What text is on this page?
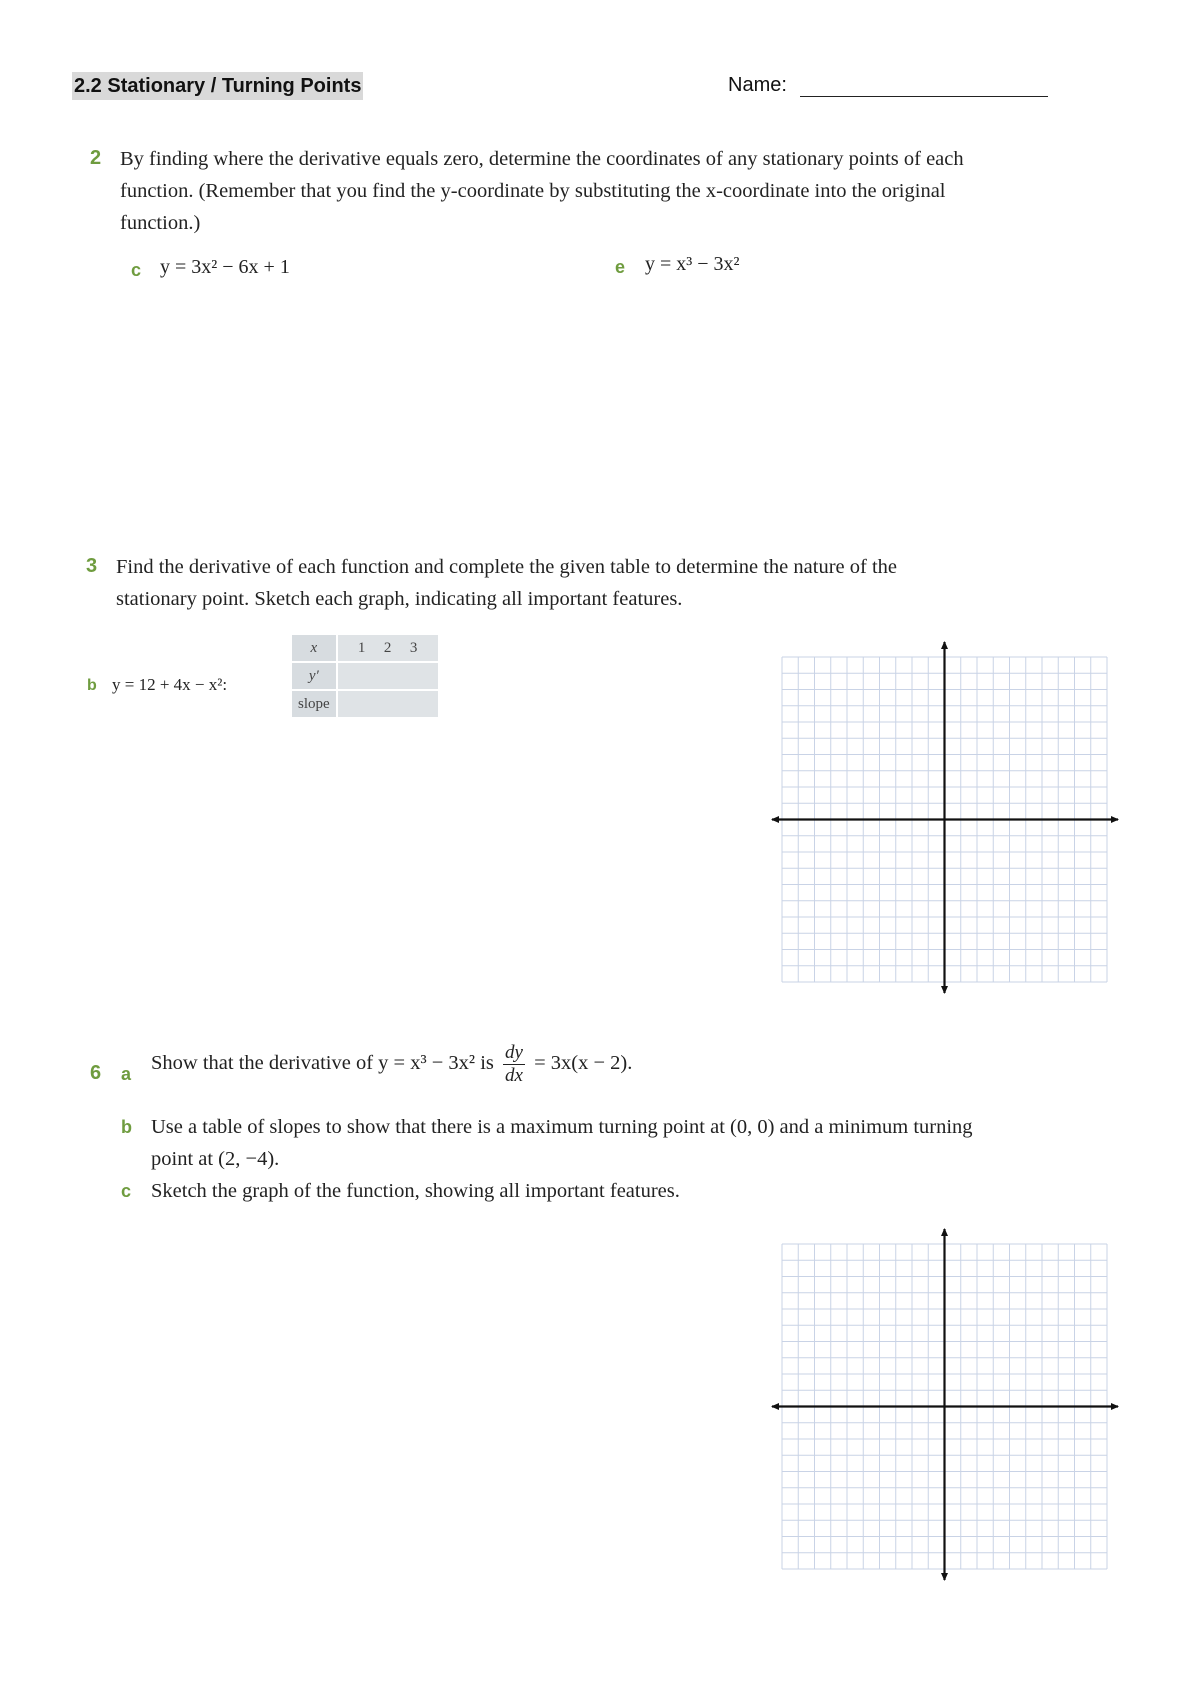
2.2 Stationary / Turning Points	Name:
2 By finding where the derivative equals zero, determine the coordinates of any stationary points of each
function. (Remember that you find the y-coordinate by substituting the x-coordinate into the original
function.)
c y = 3x² − 6x + 1	e y = x³ − 3x²
3 Find the derivative of each function and complete the given table to determine the nature of the
stationary point. Sketch each graph, indicating all important features.
b y = 12 + 4x − x²:
x	1 2 3
y′	
slope	
6 a Show that the derivative of y = x³ − 3x² is $\frac{dy}{dx} = 3x(x - 2)$.
b Use a table of slopes to show that there is a maximum turning point at (0, 0) and a minimum turning
point at (2, −4).
c Sketch the graph of the function, showing all important features.
